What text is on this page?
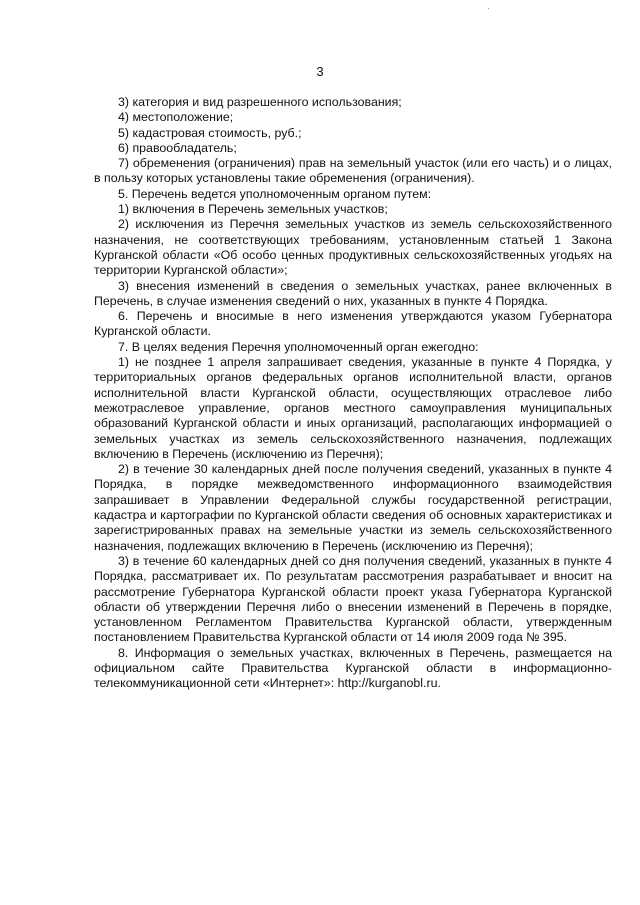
3

3) категория и вид разрешенного использования;

4) местоположение;

5) кадастровая стоимость, руб.;

6) правообладатель;

7) обременения (ограничения) прав на земельный участок (или его часть) и о лицах, в пользу которых установлены такие обременения (ограничения).

5. Перечень ведется уполномоченным органом путем:

1) включения в Перечень земельных участков;

2) исключения из Перечня земельных участков из земель сельскохозяйственного назначения, не соответствующих требованиям, установленным статьей 1 Закона Курганской области «Об особо ценных продуктивных сельскохозяйственных угодьях на территории Курганской области»;

3) внесения изменений в сведения о земельных участках, ранее включенных в Перечень, в случае изменения сведений о них, указанных в пункте 4 Порядка.

6. Перечень и вносимые в него изменения утверждаются указом Губернатора Курганской области.

7. В целях ведения Перечня уполномоченный орган ежегодно:

1) не позднее 1 апреля запрашивает сведения, указанные в пункте 4 Порядка, у территориальных органов федеральных органов исполнительной власти, органов исполнительной власти Курганской области, осуществляющих отраслевое либо межотраслевое управление, органов местного самоуправления муниципальных образований Курганской области и иных организаций, располагающих информацией о земельных участках из земель сельскохозяйственного назначения, подлежащих включению в Перечень (исключению из Перечня);

2) в течение 30 календарных дней после получения сведений, указанных в пункте 4 Порядка, в порядке межведомственного информационного взаимодействия запрашивает в Управлении Федеральной службы государственной регистрации, кадастра и картографии по Курганской области сведения об основных характеристиках и зарегистрированных правах на земельные участки из земель сельскохозяйственного назначения, подлежащих включению в Перечень (исключению из Перечня);

3) в течение 60 календарных дней со дня получения сведений, указанных в пункте 4 Порядка, рассматривает их. По результатам рассмотрения разрабатывает и вносит на рассмотрение Губернатора Курганской области проект указа Губернатора Курганской области об утверждении Перечня либо о внесении изменений в Перечень в порядке, установленном Регламентом Правительства Курганской области, утвержденным постановлением Правительства Курганской области от 14 июля 2009 года № 395.

8. Информация о земельных участках, включенных в Перечень, размещается на официальном сайте Правительства Курганской области в информационно-телекоммуникационной сети «Интернет»: http://kurganobl.ru.
